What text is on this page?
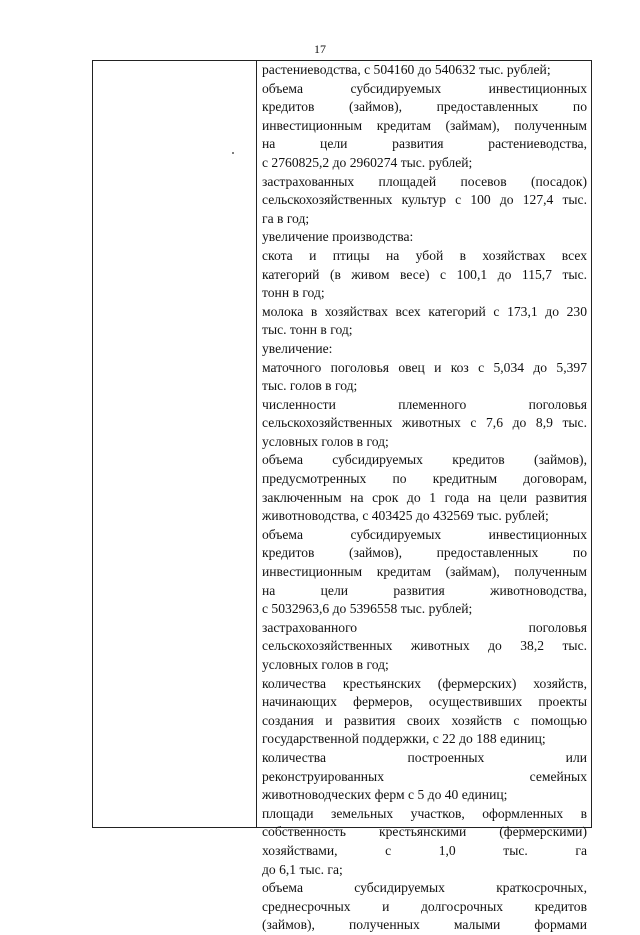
17
растениеводства, с 504160 до 540632 тыс. рублей;
объема субсидируемых инвестиционных
кредитов (займов), предоставленных по
инвестиционным кредитам (займам), полученным
на цели развития растениеводства,
с 2760825,2 до 2960274 тыс. рублей;
застрахованных площадей посевов (посадок)
сельскохозяйственных культур с 100 до 127,4 тыс.
га в год;
увеличение производства:
скота и птицы на убой в хозяйствах всех
категорий (в живом весе) с 100,1 до 115,7 тыс.
тонн в год;
молока в хозяйствах всех категорий с 173,1 до 230
тыс. тонн в год;
увеличение:
маточного поголовья овец и коз с 5,034 до 5,397
тыс. голов в год;
численности племенного поголовья
сельскохозяйственных животных с 7,6 до 8,9 тыс.
условных голов в год;
объема субсидируемых кредитов (займов),
предусмотренных по кредитным договорам,
заключенным на срок до 1 года на цели развития
животноводства, с 403425 до 432569 тыс. рублей;
объема субсидируемых инвестиционных
кредитов (займов), предоставленных по
инвестиционным кредитам (займам), полученным
на цели развития животноводства,
с 5032963,6 до 5396558 тыс. рублей;
застрахованного поголовья
сельскохозяйственных животных до 38,2 тыс.
условных голов в год;
количества крестьянских (фермерских) хозяйств,
начинающих фермеров, осуществивших проекты
создания и развития своих хозяйств с помощью
государственной поддержки, с 22 до 188 единиц;
количества построенных или
реконструированных семейных
животноводческих ферм с 5 до 40 единиц;
площади земельных участков, оформленных в
собственность крестьянскими (фермерскими)
хозяйствами, с 1,0 тыс. га
до 6,1 тыс. га;
объема субсидируемых краткосрочных,
среднесрочных и долгосрочных кредитов
(займов), полученных малыми формами
